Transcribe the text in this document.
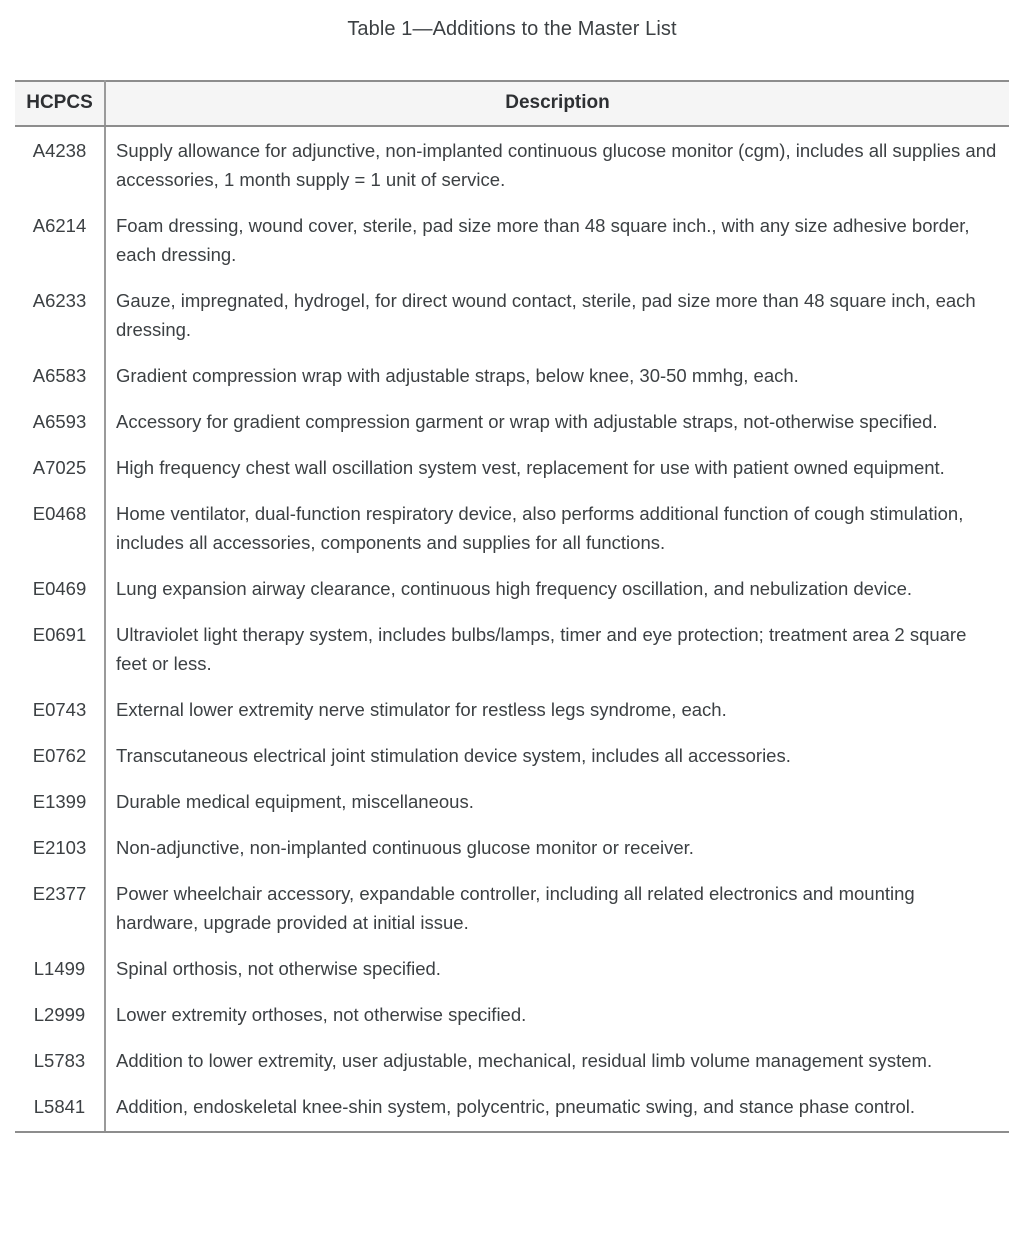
Table 1—Additions to the Master List
HCPCS	Description
A4238	Supply allowance for adjunctive, non-implanted continuous glucose monitor (cgm), includes all supplies and accessories, 1 month supply = 1 unit of service.
A6214	Foam dressing, wound cover, sterile, pad size more than 48 square inch., with any size adhesive border, each dressing.
A6233	Gauze, impregnated, hydrogel, for direct wound contact, sterile, pad size more than 48 square inch, each dressing.
A6583	Gradient compression wrap with adjustable straps, below knee, 30-50 mmhg, each.
A6593	Accessory for gradient compression garment or wrap with adjustable straps, not-otherwise specified.
A7025	High frequency chest wall oscillation system vest, replacement for use with patient owned equipment.
E0468	Home ventilator, dual-function respiratory device, also performs additional function of cough stimulation, includes all accessories, components and supplies for all functions.
E0469	Lung expansion airway clearance, continuous high frequency oscillation, and nebulization device.
E0691	Ultraviolet light therapy system, includes bulbs/lamps, timer and eye protection; treatment area 2 square feet or less.
E0743	External lower extremity nerve stimulator for restless legs syndrome, each.
E0762	Transcutaneous electrical joint stimulation device system, includes all accessories.
E1399	Durable medical equipment, miscellaneous.
E2103	Non-adjunctive, non-implanted continuous glucose monitor or receiver.
E2377	Power wheelchair accessory, expandable controller, including all related electronics and mounting hardware, upgrade provided at initial issue.
L1499	Spinal orthosis, not otherwise specified.
L2999	Lower extremity orthoses, not otherwise specified.
L5783	Addition to lower extremity, user adjustable, mechanical, residual limb volume management system.
L5841	Addition, endoskeletal knee-shin system, polycentric, pneumatic swing, and stance phase control.
